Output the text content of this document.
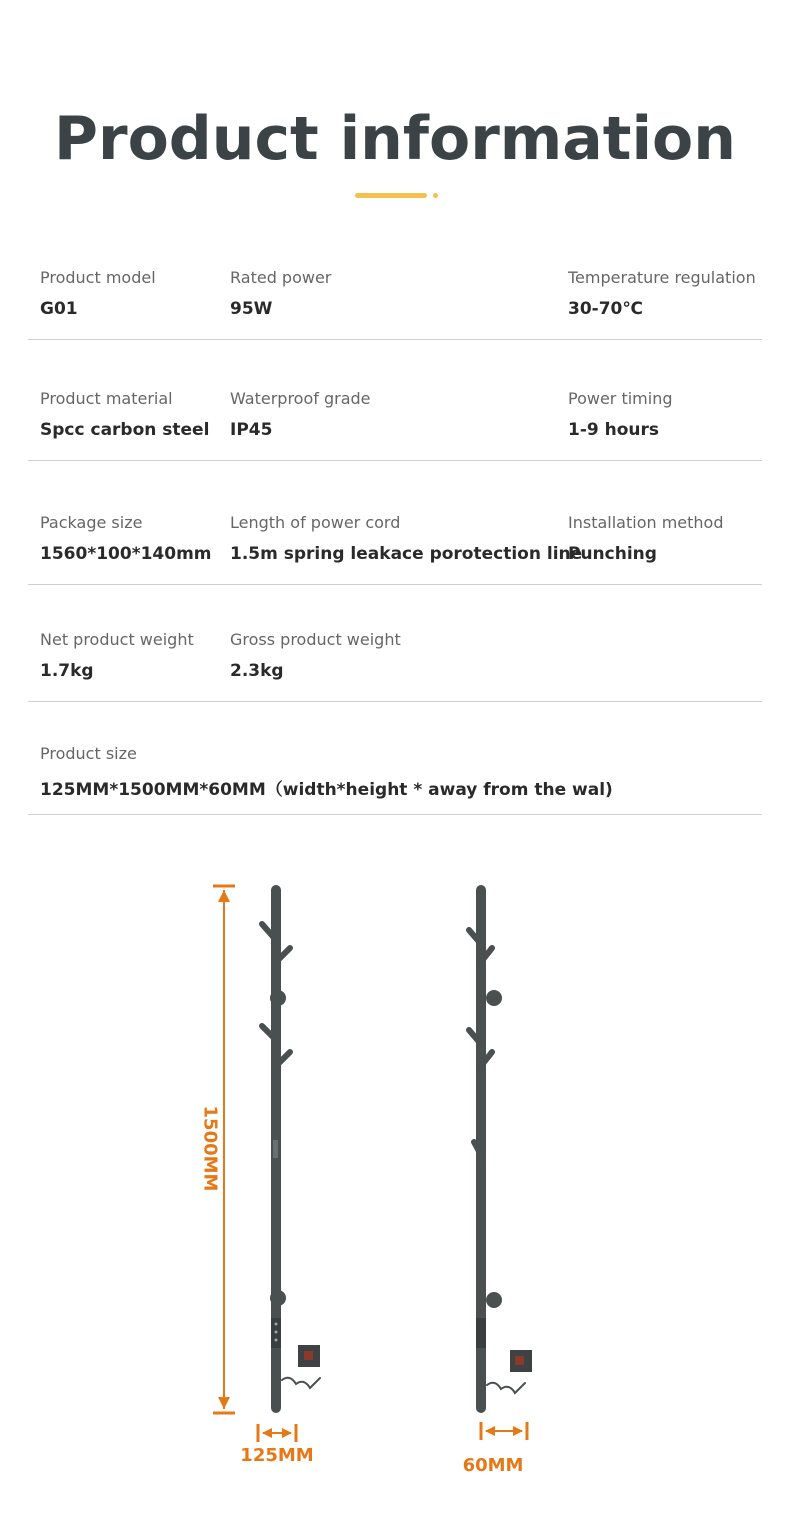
Product information
Product model
G01
Rated power
95W
Temperature regulation
30-70℃
Product material
Spcc carbon steel
Waterproof grade
IP45
Power timing
1-9 hours
Package size
1560*100*140mm
Length of power cord
1.5m spring leakace porotection line
Installation method
Punching
Net product weight
1.7kg
Gross product weight
2.3kg
Product size
125MM*1500MM*60MM（width*height * away from the wal)
1500MM
125MM	60MM
